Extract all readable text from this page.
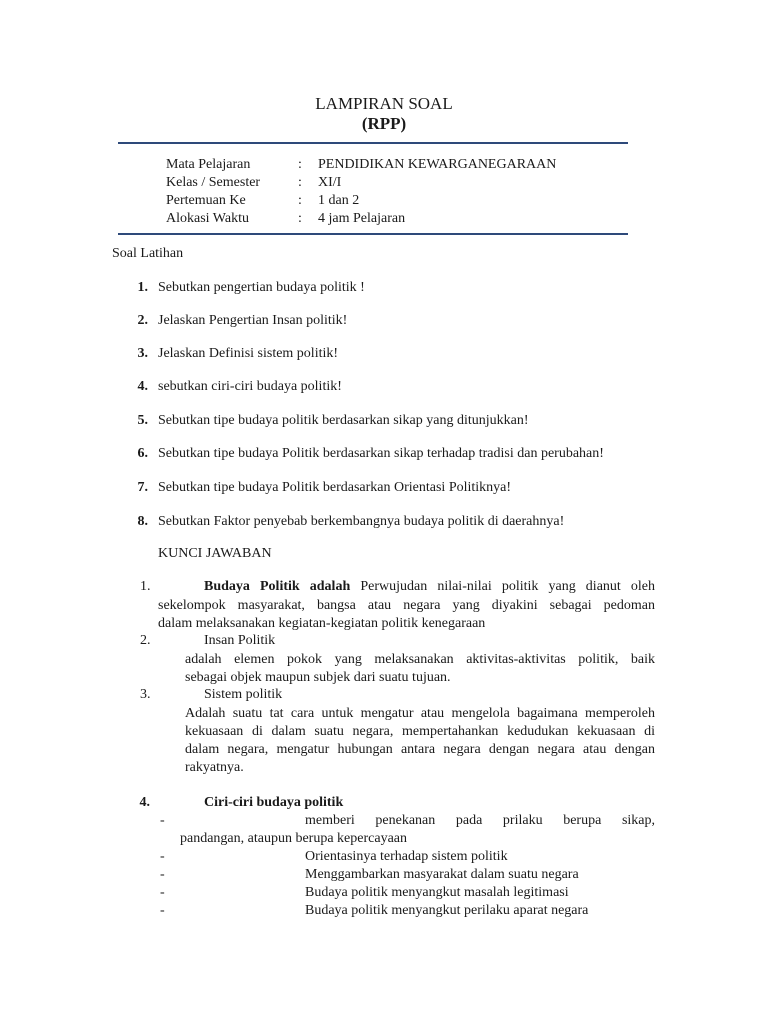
LAMPIRAN SOAL
(RPP)
Mata Pelajaran	: PENDIDIKAN KEWARGANEGARAAN
Kelas / Semester	: XI/I
Pertemuan Ke	: 1 dan 2
Alokasi Waktu	: 4 jam Pelajaran
Soal Latihan
1. Sebutkan pengertian budaya politik !
2. Jelaskan Pengertian Insan politik!
3. Jelaskan Definisi sistem politik!
4. sebutkan ciri-ciri budaya politik!
5. Sebutkan tipe budaya politik berdasarkan sikap yang ditunjukkan!
6. Sebutkan tipe budaya Politik berdasarkan sikap terhadap tradisi dan perubahan!
7. Sebutkan tipe budaya Politik berdasarkan Orientasi Politiknya!
8. Sebutkan Faktor penyebab berkembangnya budaya politik di daerahnya!
KUNCI JAWABAN
1.	Budaya Politik adalah Perwujudan nilai-nilai politik yang dianut oleh
sekelompok masyarakat, bangsa atau negara yang diyakini sebagai pedoman
dalam melaksanakan kegiatan-kegiatan politik kenegaraan
2.	Insan Politik
adalah elemen pokok yang melaksanakan aktivitas-aktivitas politik, baik
sebagai objek maupun subjek dari suatu tujuan.
3.	Sistem politik
Adalah suatu tat cara untuk mengatur atau mengelola bagaimana memperoleh
kekuasaan di dalam suatu negara, mempertahankan kedudukan kekuasaan di
dalam negara, mengatur hubungan antara negara dengan negara atau dengan
rakyatnya.
4.	Ciri-ciri budaya politik
-	memberi penekanan pada prilaku berupa sikap,
pandangan, ataupun berupa kepercayaan
-	Orientasinya terhadap sistem politik
-	Menggambarkan masyarakat dalam suatu negara
-	Budaya politik menyangkut masalah legitimasi
-	Budaya politik menyangkut perilaku aparat negara
